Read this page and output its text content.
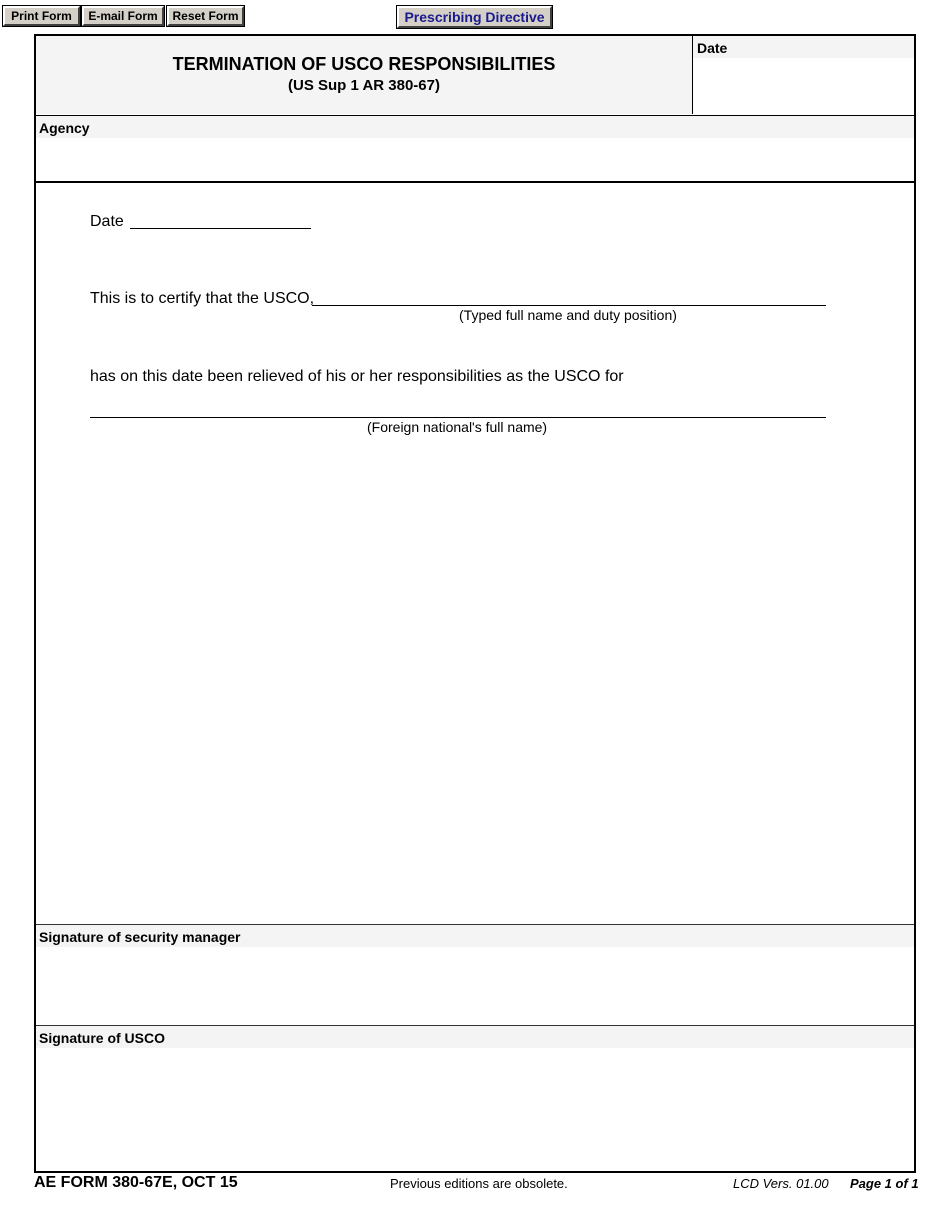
Print Form	E-mail Form	Reset Form	Prescribing Directive
TERMINATION OF USCO RESPONSIBILITIES
(US Sup 1 AR 380-67)
Date
Agency
Date
This is to certify that the USCO,
(Typed full name and duty position)
has on this date been relieved of his or her responsibilities as the USCO for
(Foreign national's full name)
Signature of security manager
Signature of USCO
AE FORM 380-67E, OCT 15	Previous editions are obsolete.	LCD Vers. 01.00 Page 1 of 1
